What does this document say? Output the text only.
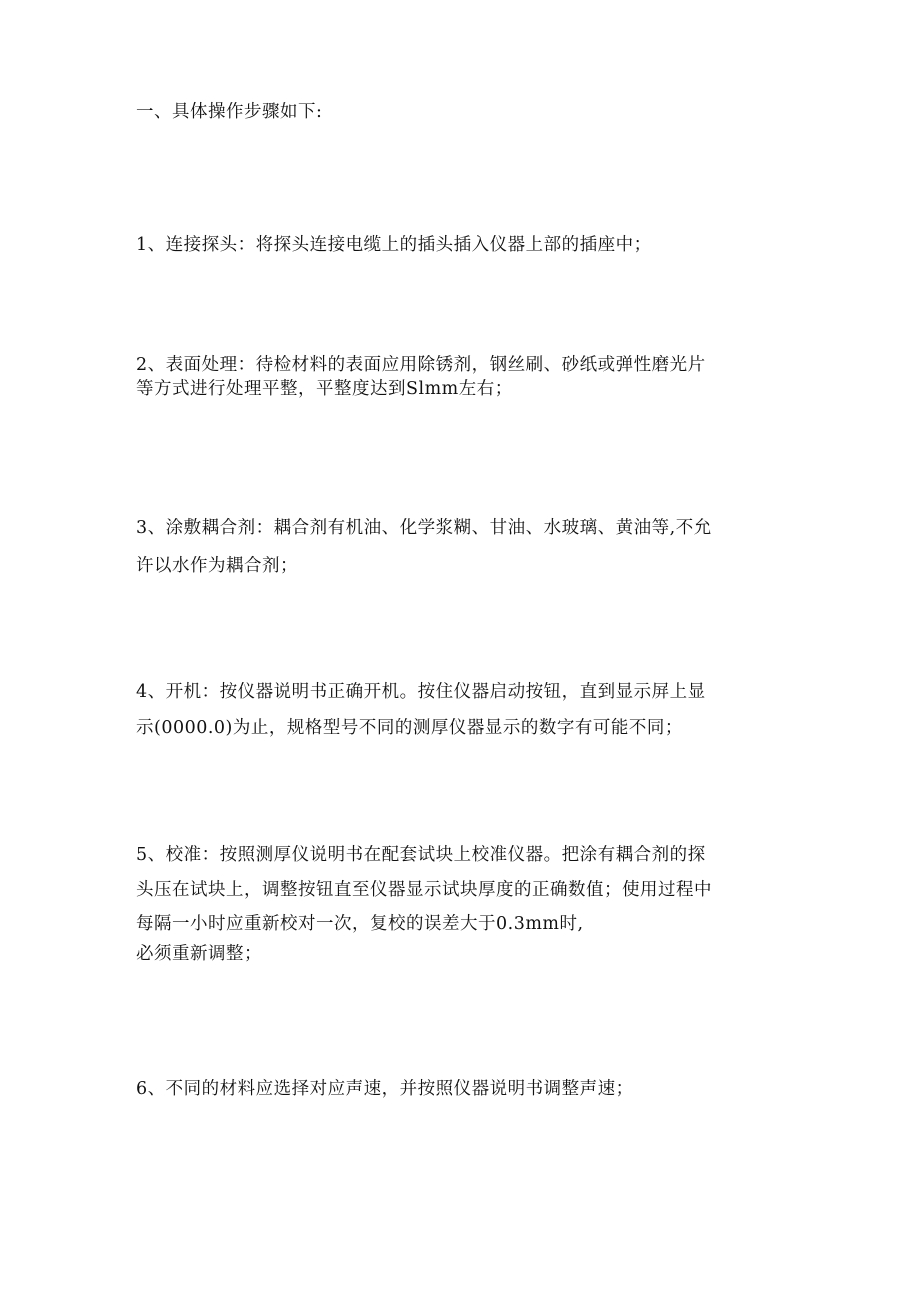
一、具体操作步骤如下:

1、连接探头：将探头连接电缆上的插头插入仪器上部的插座中；

2、表面处理：待检材料的表面应用除锈剂，钢丝刷、砂纸或弹性磨光片

等方式进行处理平整，平整度达到Slmm左右；

3、涂敷耦合剂：耦合剂有机油、化学浆糊、甘油、水玻璃、黄油等,不允

许以水作为耦合剂；

4、开机：按仪器说明书正确开机。按住仪器启动按钮，直到显示屏上显

示(0000.0)为止，规格型号不同的测厚仪器显示的数字有可能不同；

5、校准：按照测厚仪说明书在配套试块上校准仪器。把涂有耦合剂的探

头压在试块上，调整按钮直至仪器显示试块厚度的正确数值；使用过程中

每隔一小时应重新校对一次，复校的误差大于0.3mm时,

必须重新调整；

6、不同的材料应选择对应声速，并按照仪器说明书调整声速；
